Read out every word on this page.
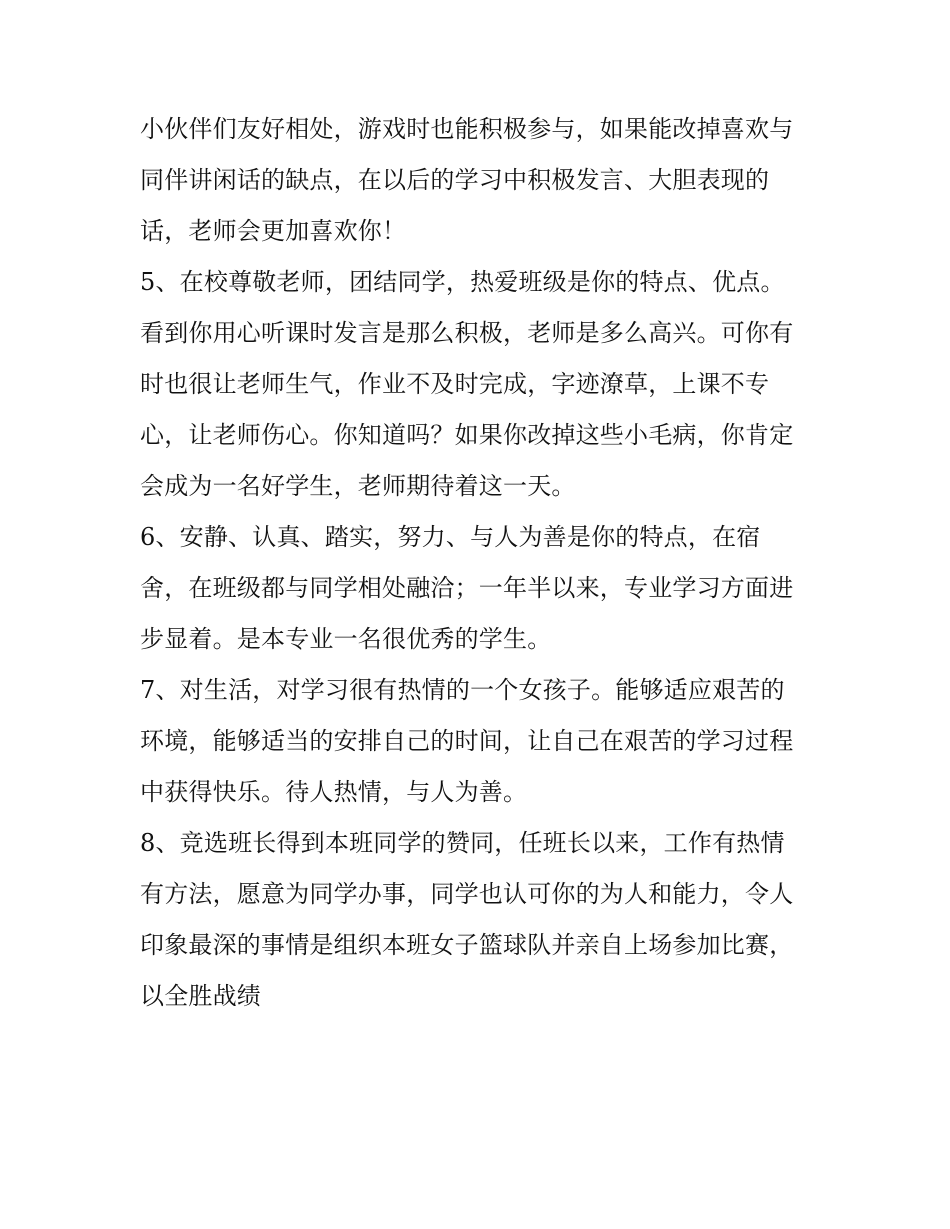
小伙伴们友好相处，游戏时也能积极参与，如果能改掉喜欢与
同伴讲闲话的缺点，在以后的学习中积极发言、大胆表现的
话，老师会更加喜欢你！
5、在校尊敬老师，团结同学，热爱班级是你的特点、优点。
看到你用心听课时发言是那么积极，老师是多么高兴。可你有
时也很让老师生气，作业不及时完成，字迹潦草，上课不专
心，让老师伤心。你知道吗？如果你改掉这些小毛病，你肯定
会成为一名好学生，老师期待着这一天。
6、安静、认真、踏实，努力、与人为善是你的特点，在宿
舍，在班级都与同学相处融洽；一年半以来，专业学习方面进
步显着。是本专业一名很优秀的学生。
7、对生活，对学习很有热情的一个女孩子。能够适应艰苦的
环境，能够适当的安排自己的时间，让自己在艰苦的学习过程
中获得快乐。待人热情，与人为善。
8、竞选班长得到本班同学的赞同，任班长以来，工作有热情
有方法，愿意为同学办事，同学也认可你的为人和能力，令人
印象最深的事情是组织本班女子篮球队并亲自上场参加比赛，
以全胜战绩
